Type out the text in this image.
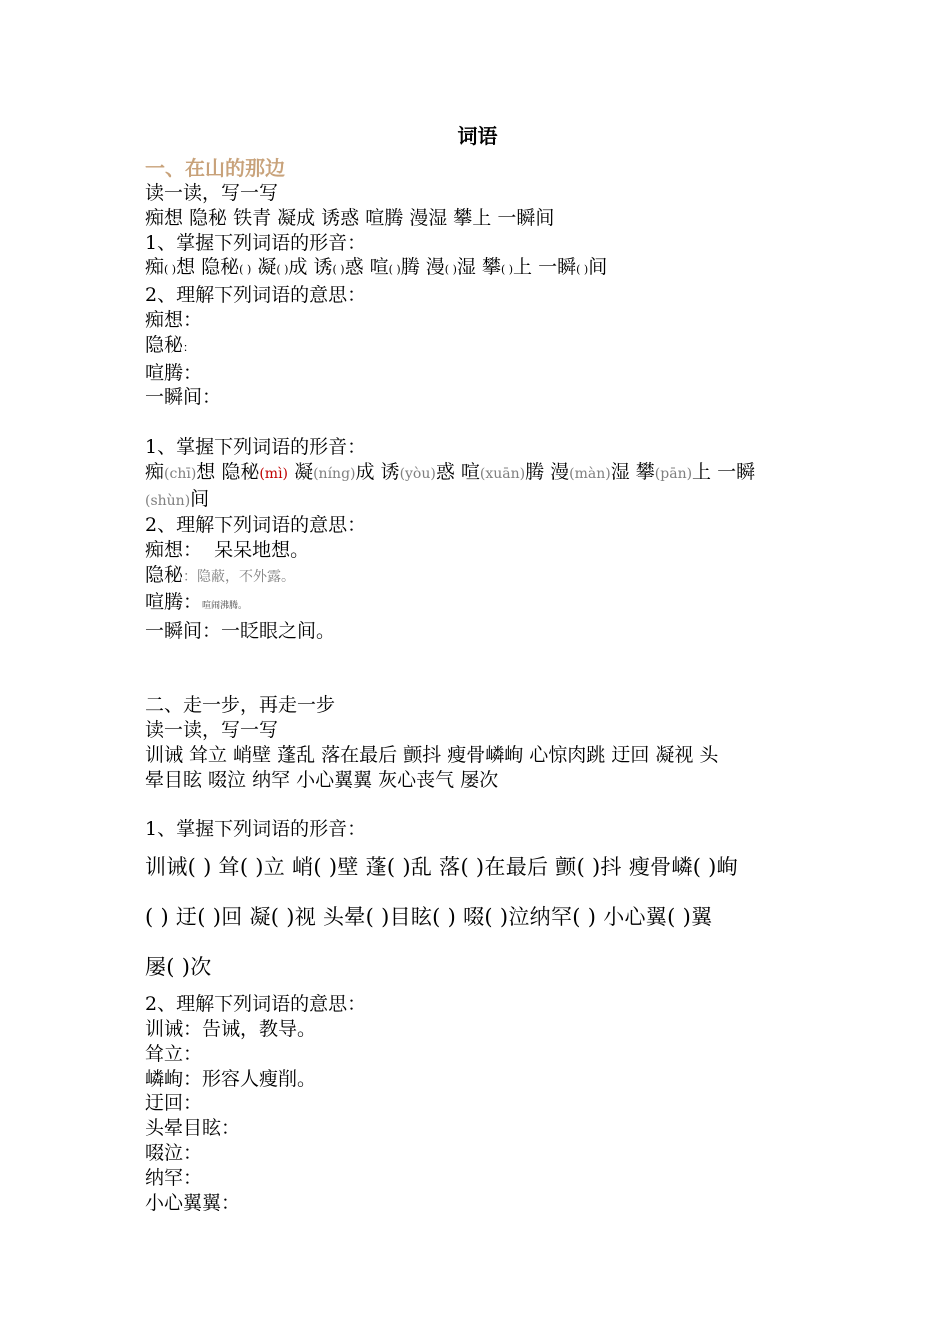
词语
一、在山的那边
读一读，写一写
痴想 隐秘 铁青 凝成 诱惑 喧腾 漫湿 攀上 一瞬间
1、掌握下列词语的形音：
痴( )想 隐秘( ) 凝( )成 诱( )惑 喧( )腾 漫( )湿 攀( )上 一瞬( )间
2、理解下列词语的意思：
痴想：
隐秘：
喧腾：
一瞬间：
1、掌握下列词语的形音：
痴(chī)想 隐秘(mì) 凝(níng)成 诱(yòu)惑 喧(xuān)腾 漫(màn)湿 攀(pān)上 一瞬
(shùn)间
2、理解下列词语的意思：
痴想： 呆呆地想。
隐秘：隐蔽，不外露。
喧腾：喧闹沸腾。
一瞬间：一眨眼之间。
二、走一步，再走一步
读一读，写一写
训诫 耸立 峭壁 蓬乱 落在最后 颤抖 瘦骨嶙峋 心惊肉跳 迂回 凝视 头
晕目眩 啜泣 纳罕 小心翼翼 灰心丧气 屡次
1、掌握下列词语的形音：
训诫( ) 耸( )立 峭( )壁 蓬( )乱 落( )在最后 颤( )抖 瘦骨嶙( )峋
( ) 迂( )回 凝( )视 头晕( )目眩( ) 啜( )泣纳罕( ) 小心翼( )翼
屡( )次
2、理解下列词语的意思：
训诫：告诫，教导。
耸立：
嶙峋：形容人瘦削。
迂回：
头晕目眩：
啜泣：
纳罕：
小心翼翼：
